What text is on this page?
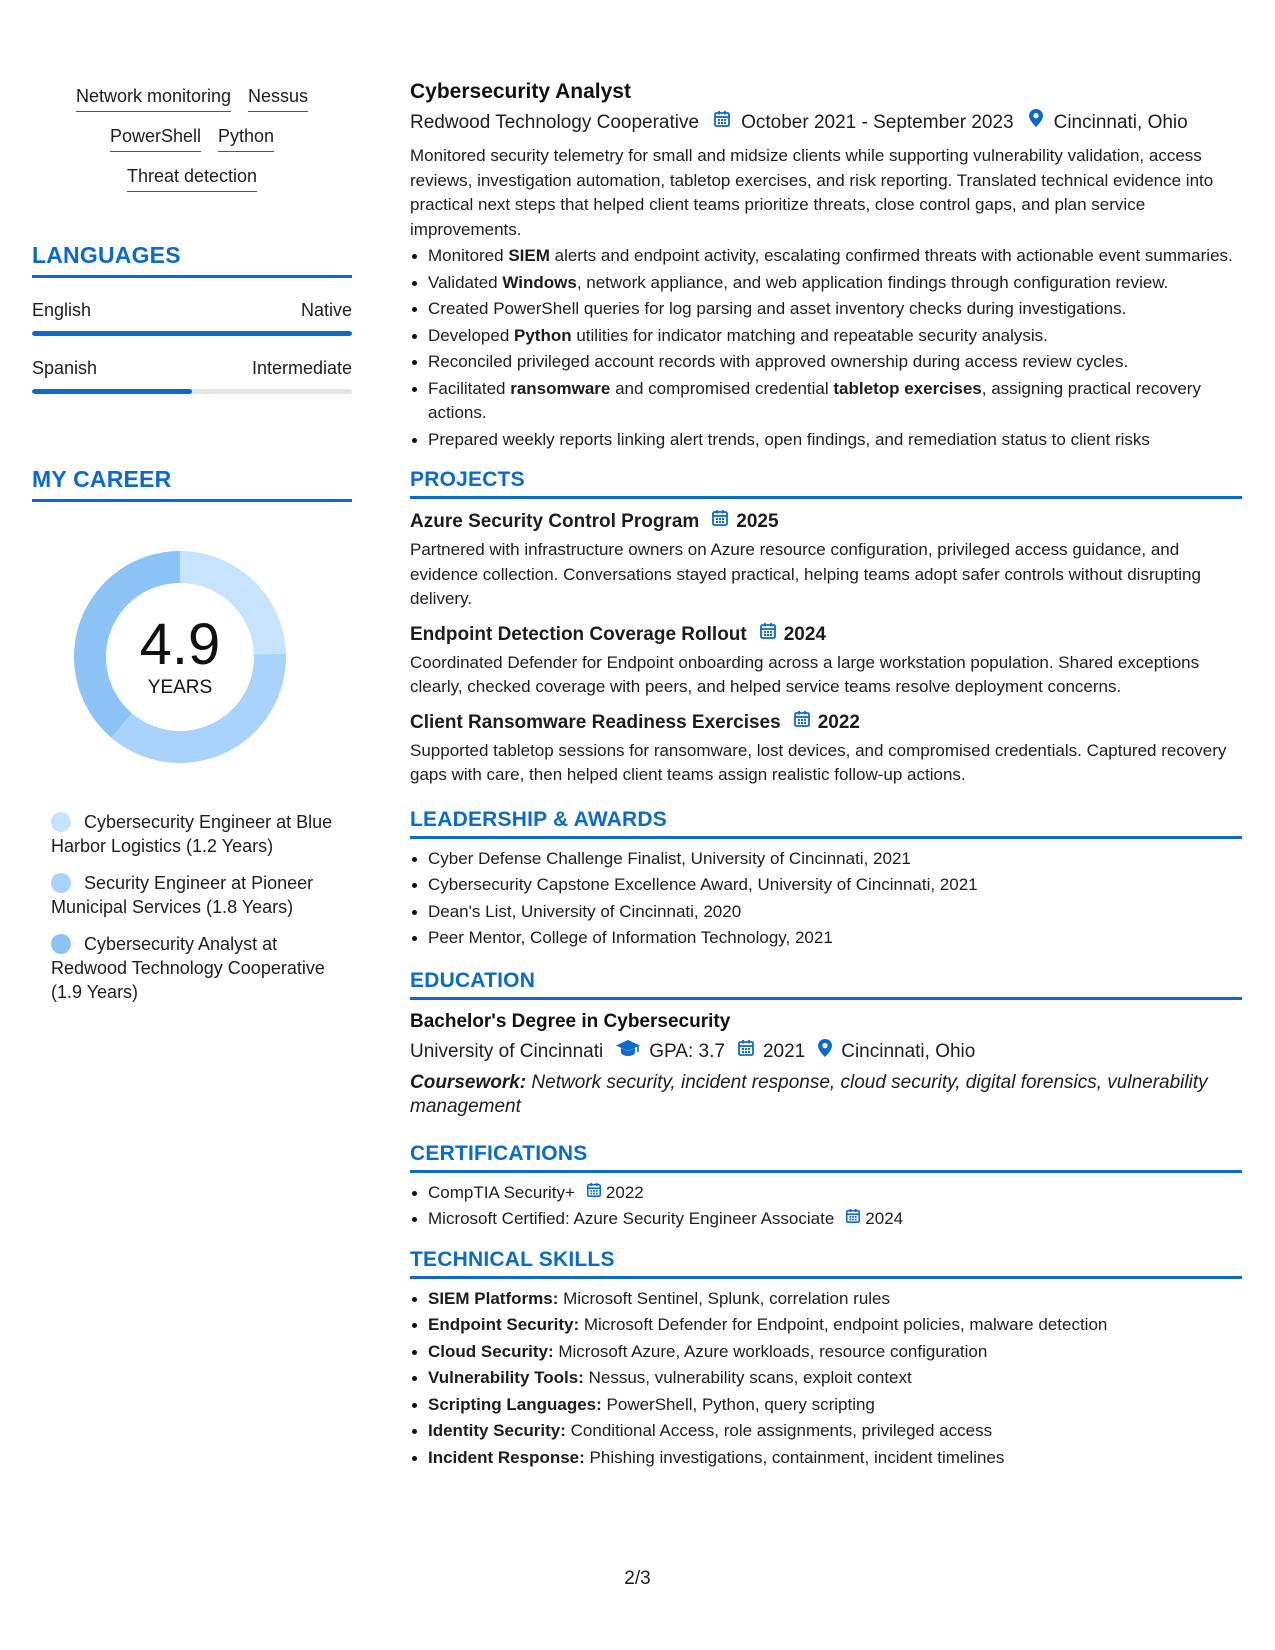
Network monitoring Nessus
PowerShell Python
Threat detection
LANGUAGES
English	Native
Spanish	Intermediate
MY CAREER
4.9
YEARS
Cybersecurity Engineer at Blue Harbor Logistics (1.2 Years)
Security Engineer at Pioneer Municipal Services (1.8 Years)
Cybersecurity Analyst at Redwood Technology Cooperative (1.9 Years)
Cybersecurity Analyst
Redwood Technology Cooperative October 2021 - September 2023 Cincinnati, Ohio
Monitored security telemetry for small and midsize clients while supporting vulnerability validation, access reviews, investigation automation, tabletop exercises, and risk reporting. Translated technical evidence into practical next steps that helped client teams prioritize threats, close control gaps, and plan service improvements.
Monitored SIEM alerts and endpoint activity, escalating confirmed threats with actionable event summaries.
Validated Windows, network appliance, and web application findings through configuration review.
Created PowerShell queries for log parsing and asset inventory checks during investigations.
Developed Python utilities for indicator matching and repeatable security analysis.
Reconciled privileged account records with approved ownership during access review cycles.
Facilitated ransomware and compromised credential tabletop exercises, assigning practical recovery actions.
Prepared weekly reports linking alert trends, open findings, and remediation status to client risks
PROJECTS
Azure Security Control Program 2025
Partnered with infrastructure owners on Azure resource configuration, privileged access guidance, and evidence collection. Conversations stayed practical, helping teams adopt safer controls without disrupting delivery.
Endpoint Detection Coverage Rollout 2024
Coordinated Defender for Endpoint onboarding across a large workstation population. Shared exceptions clearly, checked coverage with peers, and helped service teams resolve deployment concerns.
Client Ransomware Readiness Exercises 2022
Supported tabletop sessions for ransomware, lost devices, and compromised credentials. Captured recovery gaps with care, then helped client teams assign realistic follow-up actions.
LEADERSHIP & AWARDS
Cyber Defense Challenge Finalist, University of Cincinnati, 2021
Cybersecurity Capstone Excellence Award, University of Cincinnati, 2021
Dean's List, University of Cincinnati, 2020
Peer Mentor, College of Information Technology, 2021
EDUCATION
Bachelor's Degree in Cybersecurity
University of Cincinnati GPA: 3.7 2021 Cincinnati, Ohio
Coursework: Network security, incident response, cloud security, digital forensics, vulnerability management
CERTIFICATIONS
CompTIA Security+ 2022
Microsoft Certified: Azure Security Engineer Associate 2024
TECHNICAL SKILLS
SIEM Platforms: Microsoft Sentinel, Splunk, correlation rules
Endpoint Security: Microsoft Defender for Endpoint, endpoint policies, malware detection
Cloud Security: Microsoft Azure, Azure workloads, resource configuration
Vulnerability Tools: Nessus, vulnerability scans, exploit context
Scripting Languages: PowerShell, Python, query scripting
Identity Security: Conditional Access, role assignments, privileged access
Incident Response: Phishing investigations, containment, incident timelines
2/3
